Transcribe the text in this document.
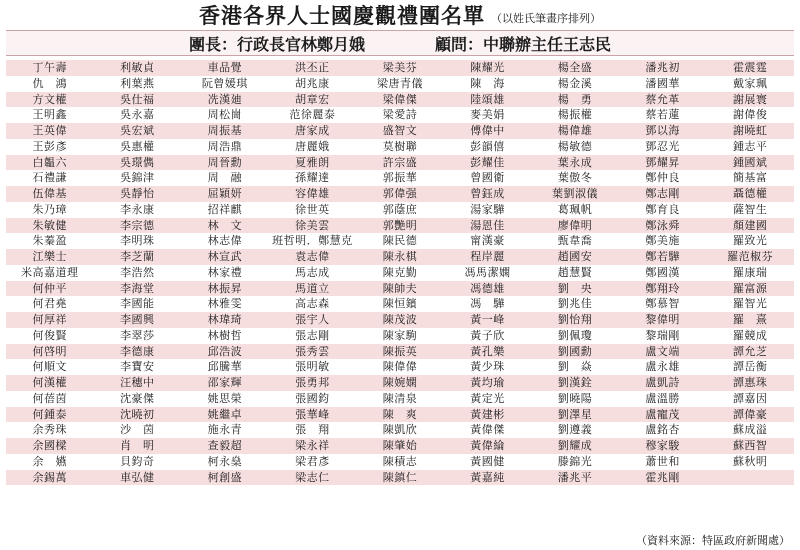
香港各界人士國慶觀禮團名單 （以姓氏筆畫序排列）
團長：行政長官林鄭月娥	顧問：中聯辦主任王志民
丁午壽	利敏貞	車品覺	洪丕正	梁美芬	陳耀光	楊全盛	潘兆初	霍震霆
仇　鴻	利葉燕	阮曾媛琪	胡兆康	梁唐青儀	陳　海	楊金溪	潘國華	戴家珮
方文權	吳仕福	冼漢廸	胡章宏	梁偉傑	陸頌雄	楊　勇	蔡允革	謝展寰
王明鑫	吳永嘉	周松崗	范徐麗泰	梁愛詩	麥美娟	楊振權	蔡若蓮	謝偉俊
王英偉	吳宏斌	周振基	唐家成	盛智文	傅偉中	楊偉雄	鄧以海	謝曉虹
王彭彥	吳惠權	周浩鼎	唐麗娥	莫樹聯	彭韻僖	楊敏德	鄧忍光	鍾志平
白韞六	吳璟儁	周晉勳	夏雅朗	許宗盛	彭耀佳	葉永成	鄧耀昇	鍾國斌
石禮謙	吳錦津	周　融	孫耀達	郭振華	曾國衛	葉傲冬	鄭仲良	簡基富
伍偉基	吳靜怡	屈穎妍	容偉雄	郭偉强	曾鈺成	葉劉淑儀	鄭志剛	聶德權
朱乃璋	李永康	招祥麒	徐世英	郭蔭庶	湯家驊	葛珮帆	鄭育良	薩智生
朱敏健	李宗德	林　文	徐美雲	郭艷明	湯恩佳	廖偉明	鄭泳舜	顏建國
朱蓁盈	李明珠	林志偉	班哲明．鄭慧克	陳民德	甯漢豪	甄韋喬	鄭美施	羅致光
江樂士	李芝蘭	林宣武	袁志偉	陳永棋	程岸麗	趙國安	鄭若驊	羅范椒芬
米高嘉道理	李浩然	林家禮	馬志成	陳克勤	馮馬潔嫻	趙慧賢	鄭國漢	羅康瑞
何仲平	李海堂	林振昇	馬道立	陳帥夫	馮德雄	劉　央	鄭翔玲	羅富源
何君堯	李國能	林雅雯	高志森	陳恒鑌	馮　驊	劉兆佳	鄭慕智	羅智光
何厚祥	李國興	林瑋琦	張宇人	陳茂波	黃一峰	劉怡翔	黎偉明	羅　熹
何俊賢	李翠莎	林樹哲	張志剛	陳家駒	黃子欣	劉佩瓊	黎瑞剛	羅競成
何啓明	李德康	邱浩波	張秀雲	陳振英	黃孔樂	劉國勳	盧文端	譚允芝
何順文	李寶安	邱騰華	張明敏	陳偉偉	黃少珠	劉　焱	盧永雄	譚岳衡
何漢權	汪穗中	邵家輝	張勇邦	陳婉嫻	黃均瑜	劉漢銓	盧凱詩	譚惠珠
何蓓茵	沈豪傑	姚思榮	張國鈞	陳清泉	黃定光	劉曉陽	盧溫勝	譚嘉因
何鍾泰	沈曉初	姚繼卓	張華峰	陳　爽	黃建彬	劉澤星	盧寵茂	譚偉豪
余秀珠	沙　茵	施永青	張　翔	陳凱欣	黃偉傑	劉遵義	盧銘杏	蘇成溢
余國樑	肖　明	查毅超	梁永祥	陳肇始	黃偉綸	劉耀成	穆家駿	蘇西智
余　嬿	貝鈞奇	柯永燊	梁君彥	陳積志	黃國健	滕錦光	蕭世和	蘇秋明
余錫萬	車弘健	柯創盛	梁志仁	陳鎮仁	黃嘉純	潘兆平	霍兆剛	
（資料來源：特區政府新聞處）
